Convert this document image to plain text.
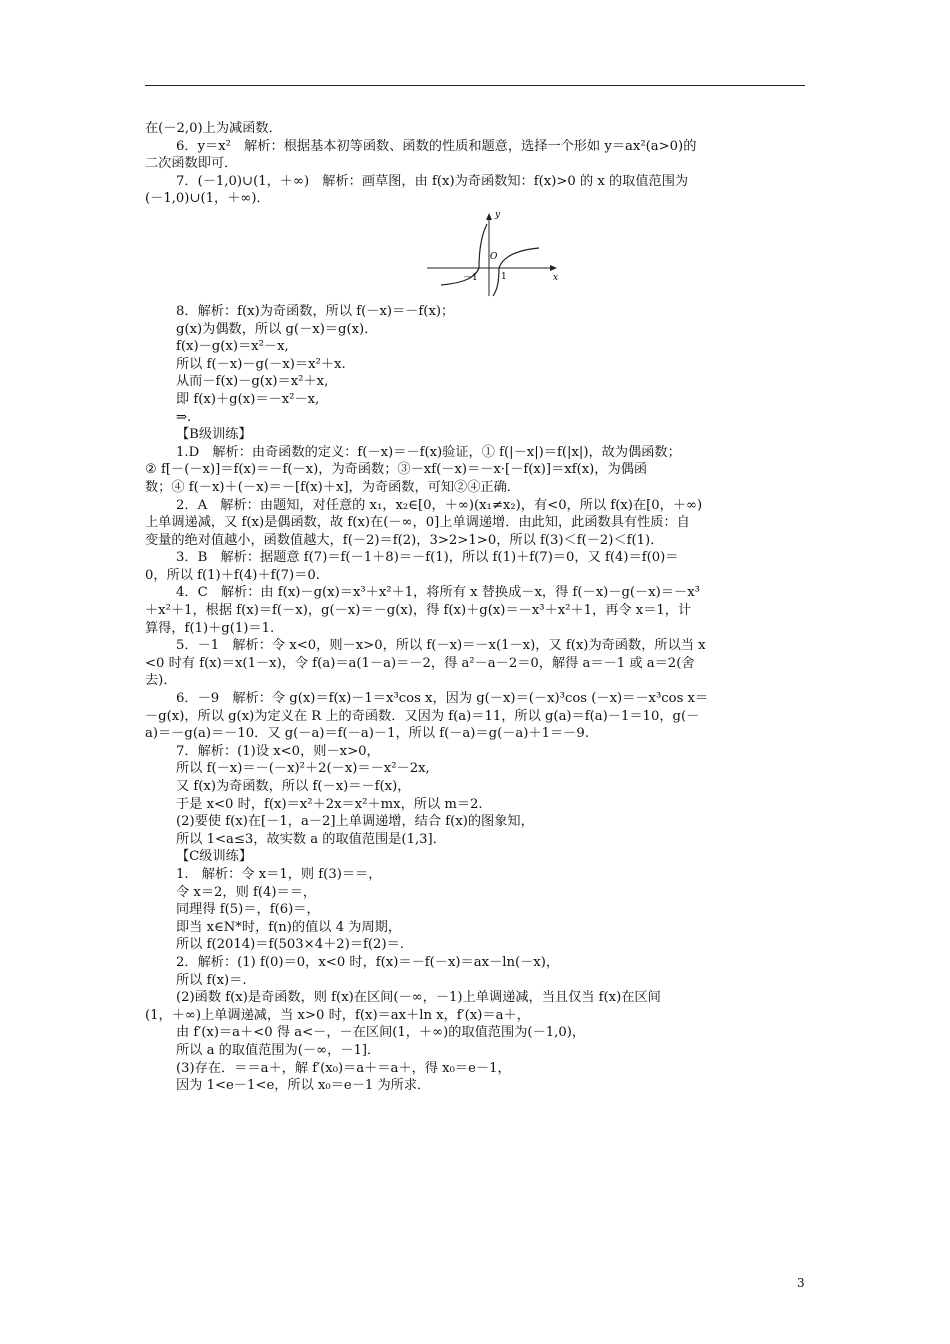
在(－2,0)上为减函数．
6．y＝x²　解析：根据基本初等函数、函数的性质和题意，选择一个形如 y＝ax²(a>0)的
二次函数即可．
7．(－1,0)∪(1，＋∞)　解析：画草图，由 f(x)为奇函数知：f(x)>0 的 x 的取值范围为
(－1,0)∪(1，＋∞)．
y
x
O
－1	1
8．解析：f(x)为奇函数，所以 f(－x)＝－f(x)；
g(x)为偶数，所以 g(－x)＝g(x)．
f(x)－g(x)＝x²－x,
所以 f(－x)－g(－x)＝x²＋x.
从而－f(x)－g(x)＝x²＋x,
即 f(x)＋g(x)＝－x²－x,
⇒.
【B级训练】
1.D　解析：由奇函数的定义：f(－x)＝－f(x)验证，① f(|－x|)＝f(|x|)，故为偶函数；
② f[－(－x)]＝f(x)＝－f(－x)，为奇函数；③－xf(－x)＝－x·[－f(x)]＝xf(x)，为偶函
数；④ f(－x)＋(－x)＝－[f(x)＋x]，为奇函数，可知②④正确．
2．A　解析：由题知，对任意的 x₁，x₂∈[0，＋∞)(x₁≠x₂)，有<0，所以 f(x)在[0，＋∞)
上单调递减，又 f(x)是偶函数，故 f(x)在(－∞，0]上单调递增．由此知，此函数具有性质：自
变量的绝对值越小，函数值越大，f(－2)＝f(2)，3>2>1>0，所以 f(3)＜f(－2)＜f(1)．
3．B　解析：据题意 f(7)＝f(－1＋8)＝－f(1)，所以 f(1)＋f(7)＝0，又 f(4)＝f(0)＝
0，所以 f(1)＋f(4)＋f(7)＝0.
4．C　解析：由 f(x)－g(x)＝x³＋x²＋1，将所有 x 替换成－x，得 f(－x)－g(－x)＝－x³
＋x²＋1，根据 f(x)＝f(－x)，g(－x)＝－g(x)，得 f(x)＋g(x)＝－x³＋x²＋1，再令 x＝1，计
算得，f(1)＋g(1)＝1.
5．－1　解析：令 x<0，则－x>0，所以 f(－x)＝－x(1－x)，又 f(x)为奇函数，所以当 x
<0 时有 f(x)＝x(1－x)，令 f(a)＝a(1－a)＝－2，得 a²－a－2＝0，解得 a＝－1 或 a＝2(舍
去)．
6．－9　解析：令 g(x)＝f(x)－1＝x³cos x，因为 g(－x)＝(－x)³cos (－x)＝－x³cos x＝
－g(x)，所以 g(x)为定义在 R 上的奇函数．又因为 f(a)＝11，所以 g(a)＝f(a)－1＝10，g(－
a)＝－g(a)＝－10．又 g(－a)＝f(－a)－1，所以 f(－a)＝g(－a)＋1＝－9.
7．解析：(1)设 x<0，则－x>0，
所以 f(－x)＝－(－x)²＋2(－x)＝－x²－2x,
又 f(x)为奇函数，所以 f(－x)＝－f(x)，
于是 x<0 时，f(x)＝x²＋2x＝x²＋mx，所以 m＝2.
(2)要使 f(x)在[－1，a－2]上单调递增，结合 f(x)的图象知，
所以 1<a≤3，故实数 a 的取值范围是(1,3]．
【C级训练】
1.　解析：令 x＝1，则 f(3)＝＝，
令 x＝2，则 f(4)＝＝，
同理得 f(5)＝，f(6)＝，
即当 x∈N*时，f(n)的值以 4 为周期，
所以 f(2014)＝f(503×4＋2)＝f(2)＝.
2．解析：(1) f(0)＝0，x<0 时，f(x)＝－f(－x)＝ax－ln(－x)，
所以 f(x)＝.
(2)函数 f(x)是奇函数，则 f(x)在区间(－∞，－1)上单调递减，当且仅当 f(x)在区间
(1，＋∞)上单调递减，当 x>0 时，f(x)＝ax＋ln x，f′(x)＝a＋，
由 f′(x)＝a＋<0 得 a<－，－在区间(1，＋∞)的取值范围为(－1,0)，
所以 a 的取值范围为(－∞，－1]．
(3)存在．＝＝a＋，解 f′(x₀)＝a＋＝a＋，得 x₀＝e－1，
因为 1<e－1<e，所以 x₀＝e－1 为所求．
3
